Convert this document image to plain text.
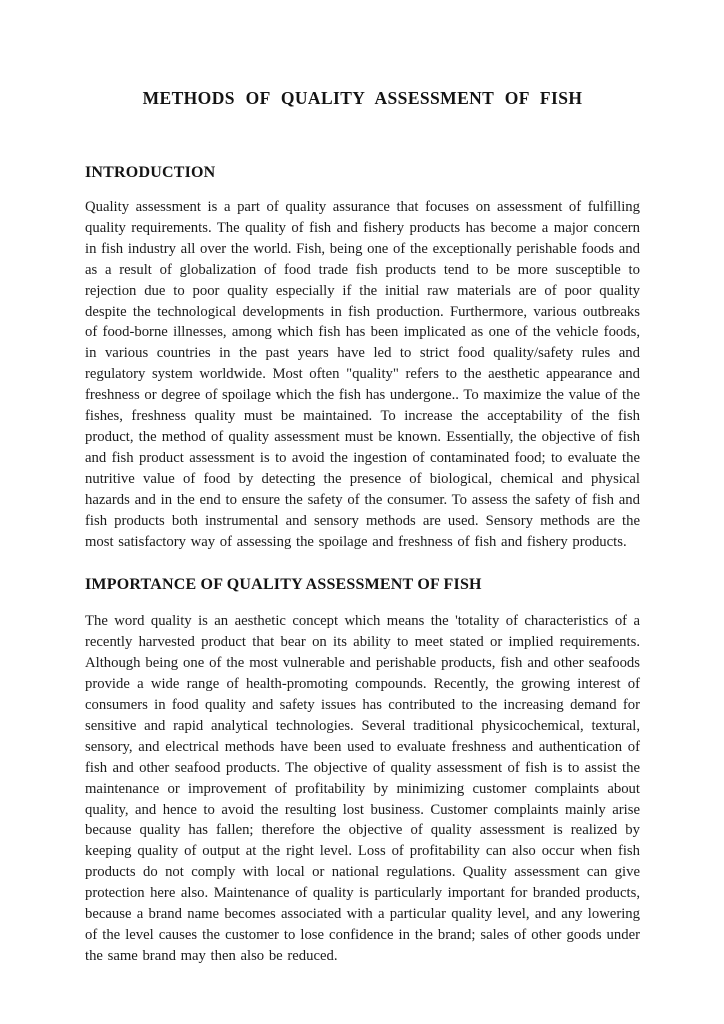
METHODS OF QUALITY ASSESSMENT OF FISH
INTRODUCTION

Quality assessment is a part of quality assurance that focuses on assessment of fulfilling quality requirements. The quality of fish and fishery products has become a major concern in fish industry all over the world. Fish, being one of the exceptionally perishable foods and as a result of globalization of food trade fish products tend to be more susceptible to rejection due to poor quality especially if the initial raw materials are of poor quality despite the technological developments in fish production. Furthermore, various outbreaks of food-borne illnesses, among which fish has been implicated as one of the vehicle foods, in various countries in the past years have led to strict food quality/safety rules and regulatory system worldwide. Most often "quality" refers to the aesthetic appearance and freshness or degree of spoilage which the fish has undergone.. To maximize the value of the fishes, freshness quality must be maintained. To increase the acceptability of the fish product, the method of quality assessment must be known. Essentially, the objective of fish and fish product assessment is to avoid the ingestion of contaminated food; to evaluate the nutritive value of food by detecting the presence of biological, chemical and physical hazards and in the end to ensure the safety of the consumer. To assess the safety of fish and fish products both instrumental and sensory methods are used. Sensory methods are the most satisfactory way of assessing the spoilage and freshness of fish and fishery products.

IMPORTANCE OF QUALITY ASSESSMENT OF FISH

The word quality is an aesthetic concept which means the 'totality of characteristics of a recently harvested product that bear on its ability to meet stated or implied requirements. Although being one of the most vulnerable and perishable products, fish and other seafoods provide a wide range of health-promoting compounds. Recently, the growing interest of consumers in food quality and safety issues has contributed to the increasing demand for sensitive and rapid analytical technologies. Several traditional physicochemical, textural, sensory, and electrical methods have been used to evaluate freshness and authentication of fish and other seafood products. The objective of quality assessment of fish is to assist the maintenance or improvement of profitability by minimizing customer complaints about quality, and hence to avoid the resulting lost business. Customer complaints mainly arise because quality has fallen; therefore the objective of quality assessment is realized by keeping quality of output at the right level. Loss of profitability can also occur when fish products do not comply with local or national regulations. Quality assessment can give protection here also. Maintenance of quality is particularly important for branded products, because a brand name becomes associated with a particular quality level, and any lowering of the level causes the customer to lose confidence in the brand; sales of other goods under the same brand may then also be reduced.
